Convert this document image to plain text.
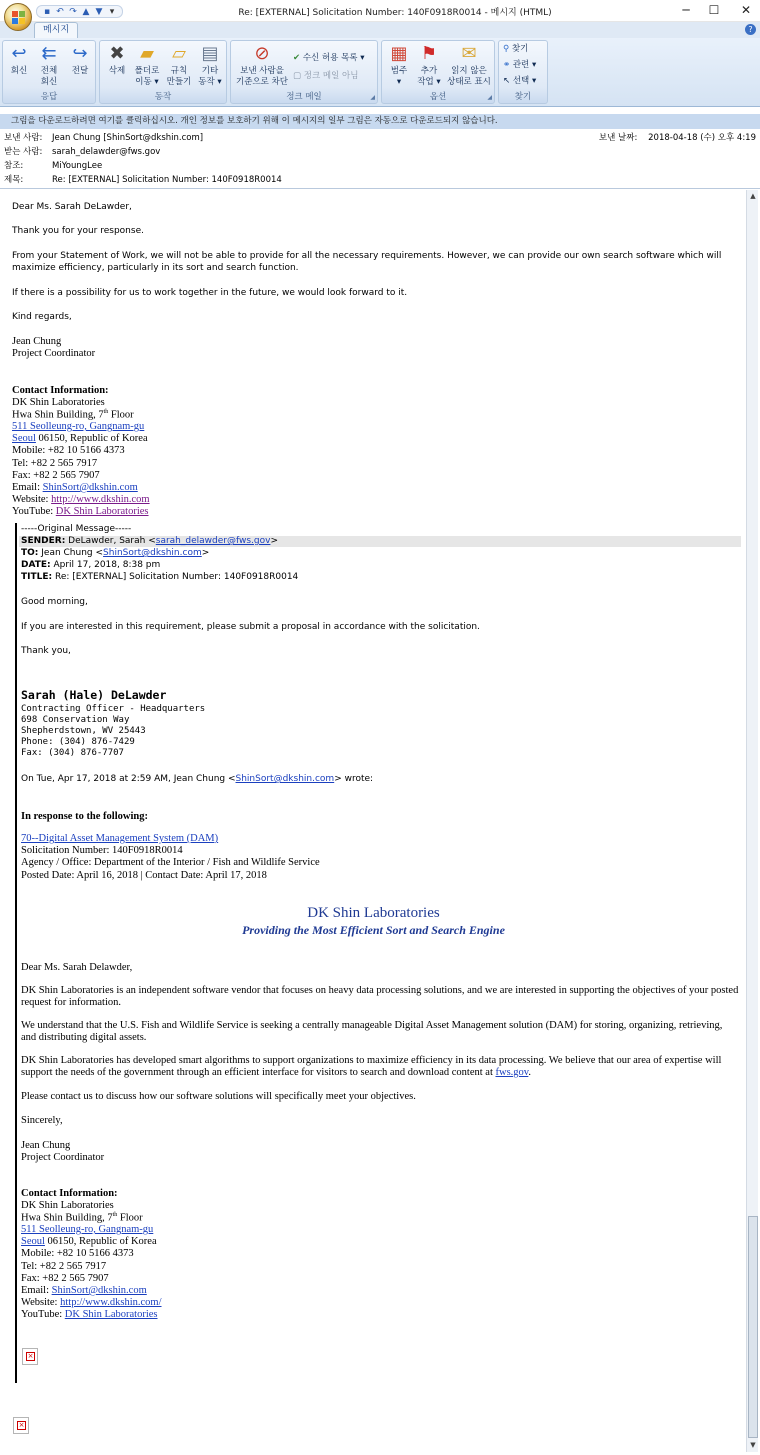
▪ ↶ ↷ ▲ ▼ ▾	Re: [EXTERNAL] Solicitation Number: 140F0918R0014 - 메시지 (HTML)	─	☐	✕
메시지	?
↩
회신
⇇
전체
회신
↪
전달
응답
✖
삭제
▰
폴더로
이동 ▾
▱
규칙
만들기
▤
기타
동작 ▾
동작
⊘
보낸 사람을
기준으로 차단
✔ 수신 허용 목록 ▾
▢ 정크 메일 아님
정크 메일	◢
▦
범주
▾
⚑
추가
작업 ▾
✉
읽지 않은
상태로 표시
옵션	◢
⚲ 찾기
⚭ 관련 ▾
↖ 선택 ▾
찾기
그림을 다운로드하려면 여기를 클릭하십시오. 개인 정보를 보호하기 위해 이 메시지의 일부 그림은 자동으로 다운로드되지 않습니다.
보낸 사람: Jean Chung [ShinSort@dkshin.com]
받는 사람: sarah_delawder@fws.gov
참조:	MiYoungLee
제목:	Re: [EXTERNAL] Solicitation Number: 140F0918R0014
보낸 날짜: 2018-04-18 (수) 오후 4:19
Dear Ms. Sarah DeLawder,
Thank you for your response.
From your Statement of Work, we will not be able to provide for all the necessary requirements. However, we can provide our own search software which will
maximize efficiency, particularly in its sort and search function.
If there is a possibility for us to work together in the future, we would look forward to it.
Kind regards,
Jean Chung
Project Coordinator
Contact Information:
DK Shin Laboratories
Hwa Shin Building, 7th Floor
511 Seolleung-ro, Gangnam-gu
Seoul 06150, Republic of Korea
Mobile: +82 10 5166 4373
Tel: +82 2 565 7917
Fax: +82 2 565 7907
Email: ShinSort@dkshin.com
Website: http://www.dkshin.com
YouTube: DK Shin Laboratories
-----Original Message-----
SENDER: DeLawder, Sarah <sarah_delawder@fws.gov>
TO: Jean Chung <ShinSort@dkshin.com>
DATE: April 17, 2018, 8:38 pm
TITLE: Re: [EXTERNAL] Solicitation Number: 140F0918R0014
Good morning,
If you are interested in this requirement, please submit a proposal in accordance with the solicitation.
Thank you,
Sarah (Hale) DeLawder
Contracting Officer - Headquarters
698 Conservation Way
Shepherdstown, WV 25443
Phone: (304) 876-7429
Fax: (304) 876-7707
On Tue, Apr 17, 2018 at 2:59 AM, Jean Chung <ShinSort@dkshin.com> wrote:
In response to the following:
70--Digital Asset Management System (DAM)
Solicitation Number: 140F0918R0014
Agency / Office: Department of the Interior / Fish and Wildlife Service
Posted Date: April 16, 2018 | Contact Date: April 17, 2018
DK Shin Laboratories
Providing the Most Efficient Sort and Search Engine
Dear Ms. Sarah Delawder,
DK Shin Laboratories is an independent software vendor that focuses on heavy data processing solutions, and we are interested in supporting the objectives of your posted request for information.
We understand that the U.S. Fish and Wildlife Service is seeking a centrally manageable Digital Asset Management solution (DAM) for storing, organizing, retrieving, and distributing digital assets.
DK Shin Laboratories has developed smart algorithms to support organizations to maximize efficiency in its data processing. We believe that our area of expertise will support the needs of the government through an efficient interface for visitors to search and download content at fws.gov.
Please contact us to discuss how our software solutions will specifically meet your objectives.
Sincerely,
Jean Chung
Project Coordinator
Contact Information:
DK Shin Laboratories
Hwa Shin Building, 7th Floor
511 Seolleung-ro, Gangnam-gu
Seoul 06150, Republic of Korea
Mobile: +82 10 5166 4373
Tel: +82 2 565 7917
Fax: +82 2 565 7907
Email: ShinSort@dkshin.com
Website: http://www.dkshin.com/
YouTube: DK Shin Laboratories
×
×
▲
▼
